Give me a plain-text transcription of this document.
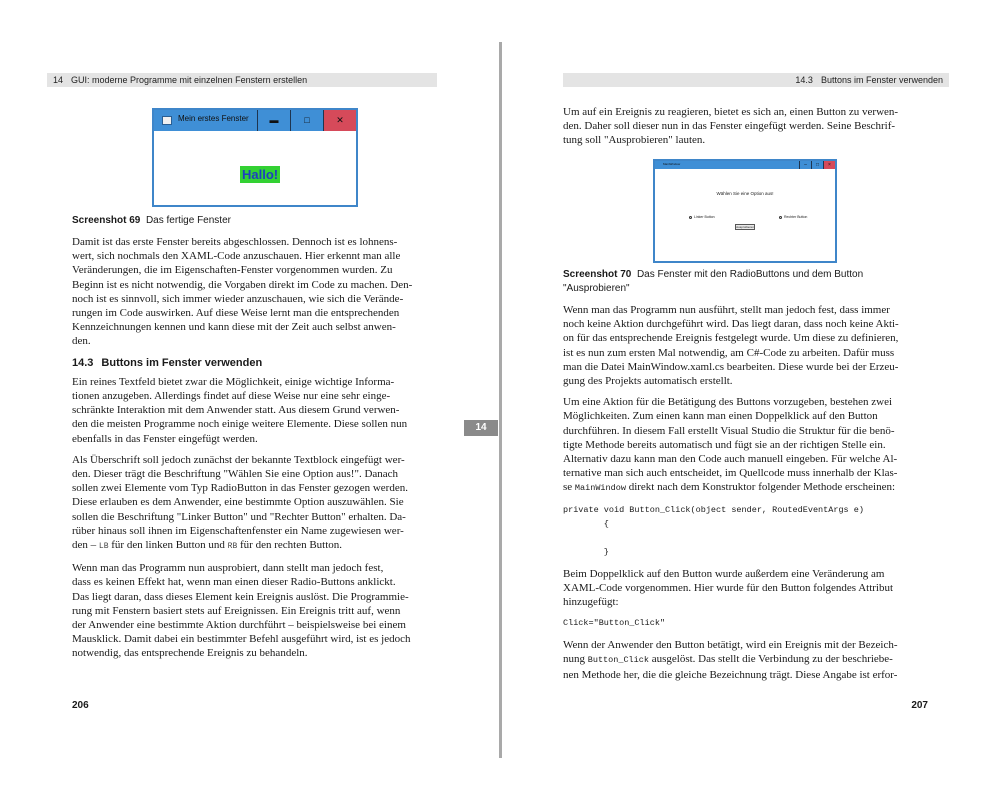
14 GUI: moderne Programme mit einzelnen Fenstern erstellen
Mein erstes Fenster	▬	□	✕
Hallo!

Screenshot 69 Das fertige Fenster

Damit ist das erste Fenster bereits abgeschlossen. Dennoch ist es lohnens-
wert, sich nochmals den XAML-Code anzuschauen. Hier erkennt man alle
Veränderungen, die im Eigenschaften-Fenster vorgenommen wurden. Zu
Beginn ist es nicht notwendig, die Vorgaben direkt im Code zu machen. Den-
noch ist es sinnvoll, sich immer wieder anzuschauen, wie sich die Verände-
rungen im Code auswirken. Auf diese Weise lernt man die entsprechenden
Kennzeichnungen kennen und kann diese mit der Zeit auch selbst anwen-
den.

14.3 Buttons im Fenster verwenden

Ein reines Textfeld bietet zwar die Möglichkeit, einige wichtige Informa-
tionen anzugeben. Allerdings findet auf diese Weise nur eine sehr einge-
schränkte Interaktion mit dem Anwender statt. Aus diesem Grund verwen-
den die meisten Programme noch einige weitere Elemente. Diese sollen nun
ebenfalls in das Fenster eingefügt werden.

Als Überschrift soll jedoch zunächst der bekannte Textblock eingefügt wer-
den. Dieser trägt die Beschriftung "Wählen Sie eine Option aus!". Danach
sollen zwei Elemente vom Typ RadioButton in das Fenster gezogen werden.
Diese erlauben es dem Anwender, eine bestimmte Option auszuwählen. Sie
sollen die Beschriftung "Linker Button" und "Rechter Button" erhalten. Da-
rüber hinaus soll ihnen im Eigenschaftenfenster ein Name zugewiesen wer-
den – LB für den linken Button und RB für den rechten Button.

Wenn man das Programm nun ausprobiert, dann stellt man jedoch fest,
dass es keinen Effekt hat, wenn man einen dieser Radio-Buttons anklickt.
Das liegt daran, dass dieses Element kein Ereignis auslöst. Die Programmie-
rung mit Fenstern basiert stets auf Ereignissen. Ein Ereignis tritt auf, wenn
der Anwender eine bestimmte Aktion durchführt – beispielsweise bei einem
Mausklick. Damit dabei ein bestimmter Befehl ausgeführt wird, ist es jedoch
notwendig, das entsprechende Ereignis zu behandeln.

206
14.3 Buttons im Fenster verwenden

Um auf ein Ereignis zu reagieren, bietet es sich an, einen Button zu verwen-
den. Daher soll dieser nun in das Fenster eingefügt werden. Seine Beschrif-
tung soll "Ausprobieren" lauten.

MainWindow	–	□	×
Wählen Sie eine Option aus!
Linker Button	Rechter Button
Ausprobieren

Screenshot 70 Das Fenster mit den RadioButtons und dem Button
"Ausprobieren"

Wenn man das Programm nun ausführt, stellt man jedoch fest, dass immer
noch keine Aktion durchgeführt wird. Das liegt daran, dass noch keine Akti-
on für das entsprechende Ereignis festgelegt wurde. Um diese zu definieren,
ist es nun zum ersten Mal notwendig, am C#-Code zu arbeiten. Dafür muss
man die Datei MainWindow.xaml.cs bearbeiten. Diese wurde bei der Erzeu-
gung des Projekts automatisch erstellt.

Um eine Aktion für die Betätigung des Buttons vorzugeben, bestehen zwei
Möglichkeiten. Zum einen kann man einen Doppelklick auf den Button
durchführen. In diesem Fall erstellt Visual Studio die Struktur für die benö-
tigte Methode bereits automatisch und fügt sie an der richtigen Stelle ein.
Alternativ dazu kann man den Code auch manuell eingeben. Für welche Al-
ternative man sich auch entscheidet, im Quellcode muss innerhalb der Klas-
se MainWindow direkt nach dem Konstruktor folgender Methode erscheinen:

private void Button_Click(object sender, RoutedEventArgs e)
{

}

Beim Doppelklick auf den Button wurde außerdem eine Veränderung am
XAML-Code vorgenommen. Hier wurde für den Button folgendes Attribut
hinzugefügt:

Click="Button_Click"

Wenn der Anwender den Button betätigt, wird ein Ereignis mit der Bezeich-
nung Button_Click ausgelöst. Das stellt die Verbindung zu der beschriebe-
nen Methode her, die die gleiche Bezeichnung trägt. Diese Angabe ist erfor-

207
14
